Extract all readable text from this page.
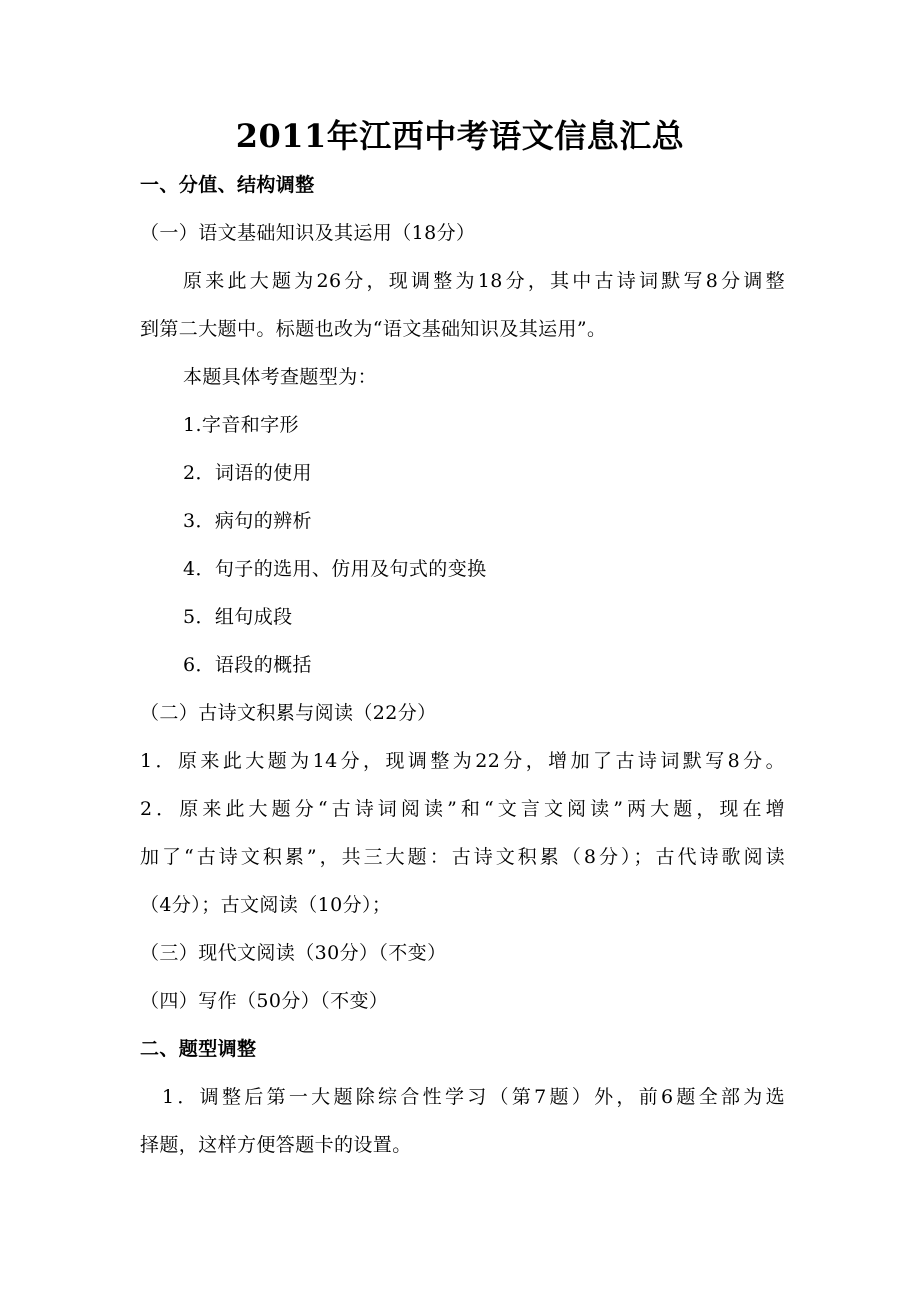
2011年江西中考语文信息汇总
一、分值、结构调整
（一）语文基础知识及其运用（18分）
原来此大题为26分，现调整为18分，其中古诗词默写8分调整
到第二大题中。标题也改为“语文基础知识及其运用”。
本题具体考查题型为：
1.字音和字形
2．词语的使用
3．病句的辨析
4．句子的选用、仿用及句式的变换
5．组句成段
6．语段的概括
（二）古诗文积累与阅读（22分）
1．原来此大题为14分，现调整为22分，增加了古诗词默写8分。
2．原来此大题分“古诗词阅读”和“文言文阅读”两大题，现在增
加了“古诗文积累”，共三大题：古诗文积累（8分）；古代诗歌阅读
（4分）；古文阅读（10分）；
（三）现代文阅读（30分）（不变）
（四）写作（50分）（不变）
二、题型调整
1．调整后第一大题除综合性学习（第7题）外，前6题全部为选
择题，这样方便答题卡的设置。
